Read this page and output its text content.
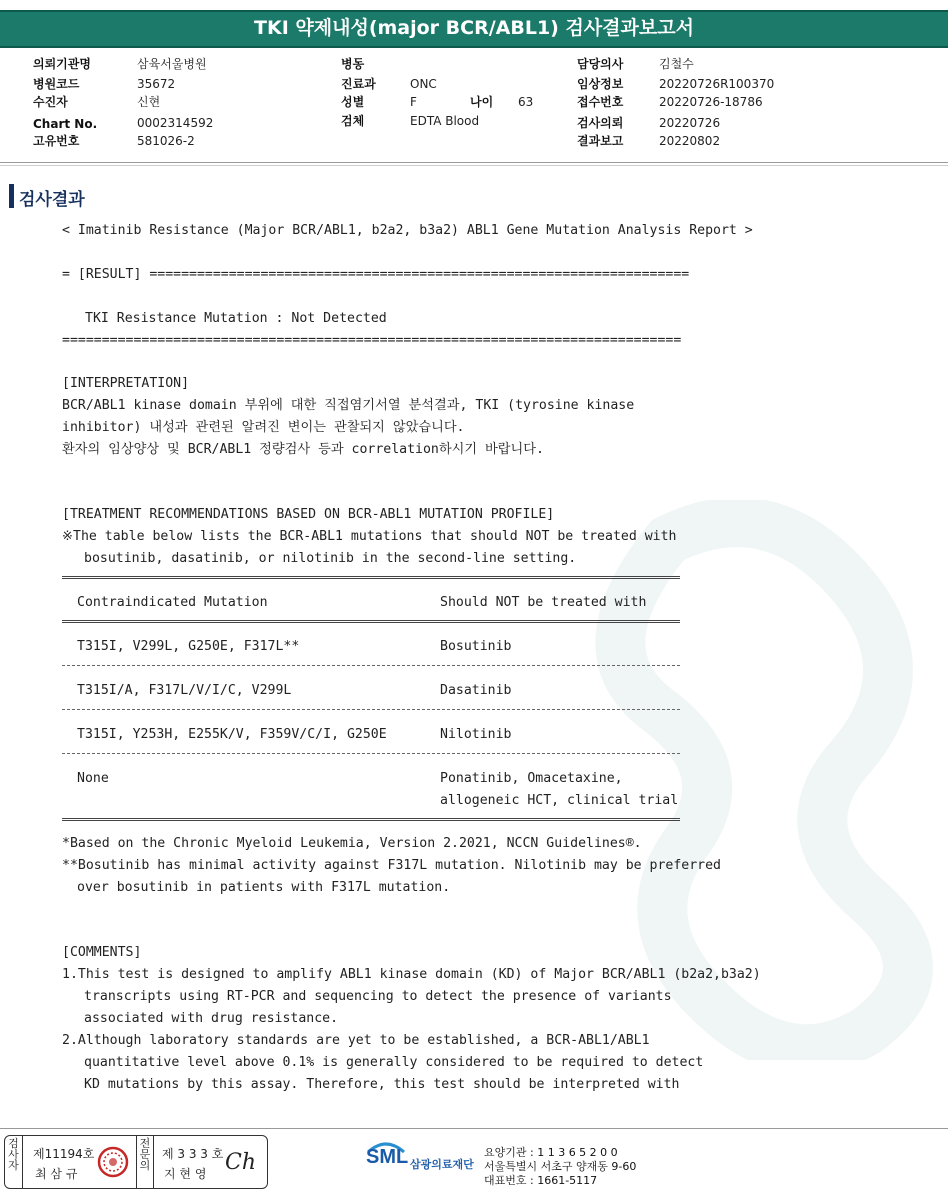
TKI 약제내성(major BCR/ABL1) 검사결과보고서
의뢰기관명	삼육서울병원
병원코드	35672
수진자	신현
Chart No.	0002314592
고유번호	581026-2
병동
진료과	ONC
성별	F	나이 63
검체	EDTA Blood
담당의사	김철수
임상정보	20220726R100370
접수번호	20220726-18786
검사의뢰	20220726
결과보고	20220802
검사결과
< Imatinib Resistance (Major BCR/ABL1, b2a2, b3a2) ABL1 Gene Mutation Analysis Report >
= [RESULT] ====================================================================
TKI Resistance Mutation : Not Detected
==============================================================================
[INTERPRETATION]
BCR/ABL1 kinase domain 부위에 대한 직접염기서열 분석결과, TKI (tyrosine kinase
inhibitor) 내성과 관련된 알려진 변이는 관찰되지 않았습니다.
환자의 임상양상 및 BCR/ABL1 정량검사 등과 correlation하시기 바랍니다.
[TREATMENT RECOMMENDATIONS BASED ON BCR-ABL1 MUTATION PROFILE]
※The table below lists the BCR-ABL1 mutations that should NOT be treated with
bosutinib, dasatinib, or nilotinib in the second-line setting.
Contraindicated Mutation	Should NOT be treated with
T315I, V299L, G250E, F317L**	Bosutinib
T315I/A, F317L/V/I/C, V299L	Dasatinib
T315I, Y253H, E255K/V, F359V/C/I, G250E	Nilotinib
None	Ponatinib, Omacetaxine,
allogeneic HCT, clinical trial
*Based on the Chronic Myeloid Leukemia, Version 2.2021, NCCN Guidelines®.
**Bosutinib has minimal activity against F317L mutation. Nilotinib may be preferred
over bosutinib in patients with F317L mutation.
[COMMENTS]
1.This test is designed to amplify ABL1 kinase domain (KD) of Major BCR/ABL1 (b2a2,b3a2)
transcripts using RT-PCR and sequencing to detect the presence of variants
associated with drug resistance.
2.Although laboratory standards are yet to be established, a BCR-ABL1/ABL1
quantitative level above 0.1% is generally considered to be required to detect
KD mutations by this assay. Therefore, this test should be interpreted with
검사자
제11194호
최 삼 규
전문의
제 3 3 3 호
지 현 영 Ch	SML 삼광의료재단
요양기관 : 1 1 3 6 5 2 0 0
서울특별시 서초구 양재동 9-60
대표번호 : 1661-5117
